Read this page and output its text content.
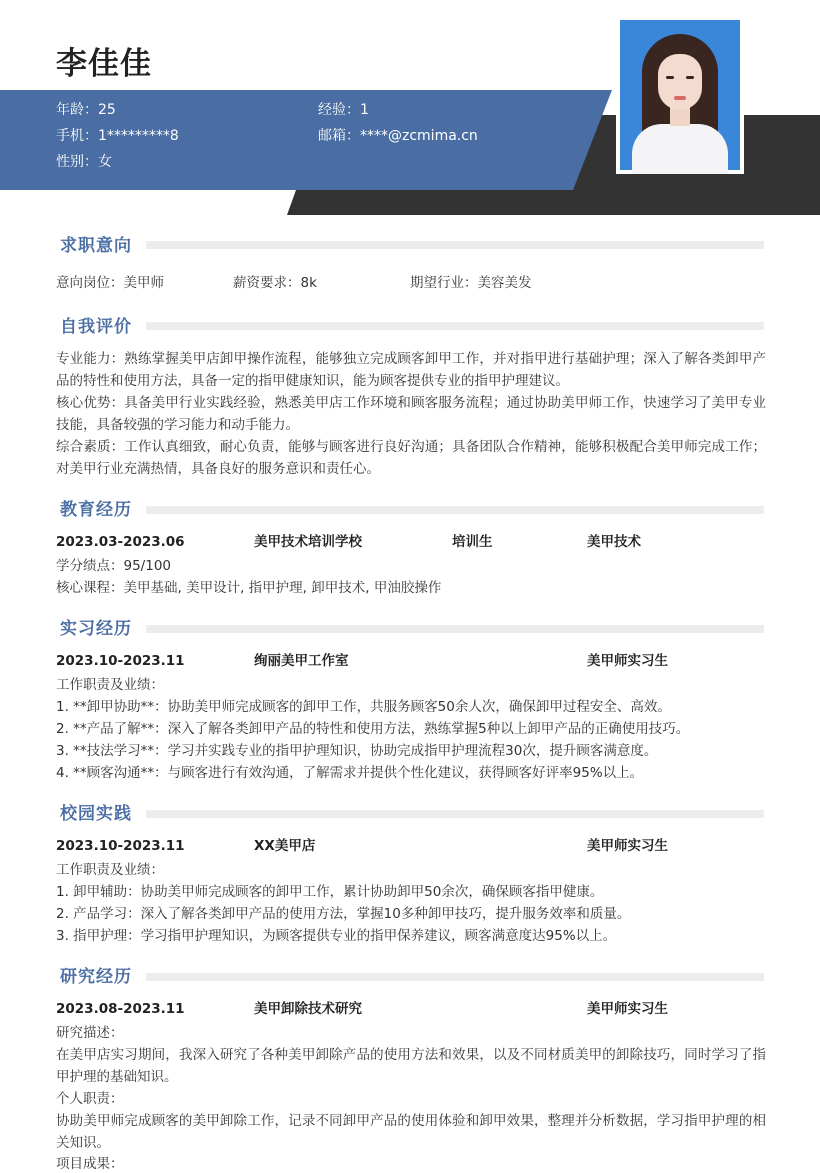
李佳佳
年龄：25	经验：1
手机：1*********8	邮箱：****@zcmima.cn
性别：女
求职意向
意向岗位：美甲师	薪资要求：8k	期望行业：美容美发
自我评价
专业能力：熟练掌握美甲店卸甲操作流程，能够独立完成顾客卸甲工作，并对指甲进行基础护理；深入了解各类卸甲产品的特性和使用方法，具备一定的指甲健康知识，能为顾客提供专业的指甲护理建议。
核心优势：具备美甲行业实践经验，熟悉美甲店工作环境和顾客服务流程；通过协助美甲师工作，快速学习了美甲专业技能，具备较强的学习能力和动手能力。
综合素质：工作认真细致，耐心负责，能够与顾客进行良好沟通；具备团队合作精神，能够积极配合美甲师完成工作；对美甲行业充满热情，具备良好的服务意识和责任心。
教育经历
2023.03-2023.06	美甲技术培训学校	培训生	美甲技术
学分绩点：95/100
核心课程：美甲基础, 美甲设计, 指甲护理, 卸甲技术, 甲油胶操作
实习经历
2023.10-2023.11	绚丽美甲工作室	美甲师实习生
工作职责及业绩：
1. **卸甲协助**：协助美甲师完成顾客的卸甲工作，共服务顾客50余人次，确保卸甲过程安全、高效。
2. **产品了解**：深入了解各类卸甲产品的特性和使用方法，熟练掌握5种以上卸甲产品的正确使用技巧。
3. **技法学习**：学习并实践专业的指甲护理知识，协助完成指甲护理流程30次，提升顾客满意度。
4. **顾客沟通**：与顾客进行有效沟通，了解需求并提供个性化建议，获得顾客好评率95%以上。
校园实践
2023.10-2023.11	XX美甲店	美甲师实习生
工作职责及业绩：
1. 卸甲辅助：协助美甲师完成顾客的卸甲工作，累计协助卸甲50余次，确保顾客指甲健康。
2. 产品学习：深入了解各类卸甲产品的使用方法，掌握10多种卸甲技巧，提升服务效率和质量。
3. 指甲护理：学习指甲护理知识，为顾客提供专业的指甲保养建议，顾客满意度达95%以上。
研究经历
2023.08-2023.11	美甲卸除技术研究	美甲师实习生
研究描述：
在美甲店实习期间，我深入研究了各种美甲卸除产品的使用方法和效果，以及不同材质美甲的卸除技巧，同时学习了指甲护理的基础知识。
个人职责：
协助美甲师完成顾客的美甲卸除工作，记录不同卸甲产品的使用体验和卸甲效果，整理并分析数据，学习指甲护理的相关知识。
项目成果：
